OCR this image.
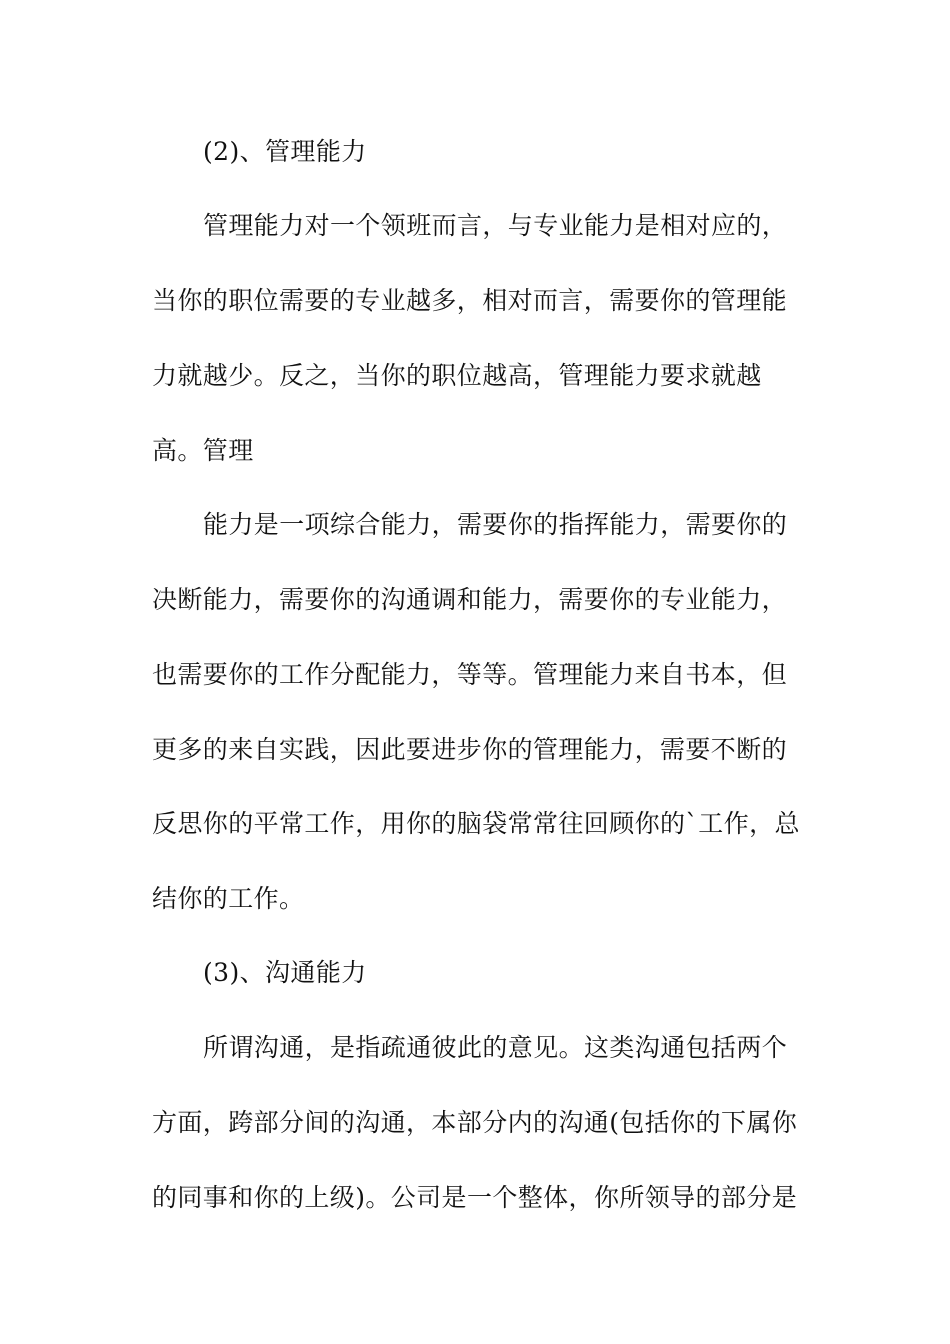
(2)、管理能力

管理能力对一个领班而言，与专业能力是相对应的，

当你的职位需要的专业越多，相对而言，需要你的管理能

力就越少。反之，当你的职位越高，管理能力要求就越

高。管理

能力是一项综合能力，需要你的指挥能力，需要你的

决断能力，需要你的沟通调和能力，需要你的专业能力，

也需要你的工作分配能力，等等。管理能力来自书本，但

更多的来自实践，因此要进步你的管理能力，需要不断的

反思你的平常工作，用你的脑袋常常往回顾你的`工作，总

结你的工作。

(3)、沟通能力

所谓沟通，是指疏通彼此的意见。这类沟通包括两个

方面，跨部分间的沟通，本部分内的沟通(包括你的下属你

的同事和你的上级)。公司是一个整体，你所领导的部分是
